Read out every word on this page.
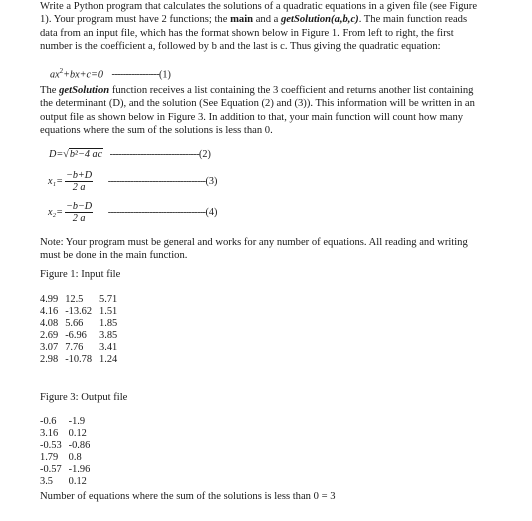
Write a Python program that calculates the solutions of a quadratic equations in a given file (see Figure
1). Your program must have 2 functions; the main and a getSolution(a,b,c). The main function reads
data from an input file, which has the format shown below in Figure 1. From left to right, the first
number is the coefficient a, followed by b and the last is c. Thus giving the quadratic equation:
$ax^2+bx+c=0$ -----------------(1)
The getSolution function receives a list containing the 3 coefficient and returns another list containing
the determinant (D), and the solution (See Equation (2) and (3)). This information will be written in an
output file as shown below in Figure 3. In addition to that, your main function will count how many
equations where the sum of the solutions is less than 0.
D=√b²−4 ac --------------------------------(2)
$x_1= \frac{-b+D}{2 a} -----------------------------------(3)$
$x_2= \frac{-b-D}{2 a} -----------------------------------(4)$
Note: Your program must be general and works for any number of equations. All reading and writing
must be done in the main function.
Figure 1: Input file
4.99	12.5	5.71
4.16	-13.62	1.51
4.08	5.66	1.85
2.69	-6.96	3.85
3.07	7.76	3.41
2.98	-10.78	1.24
Figure 3: Output file
-0.6	-1.9
3.16	0.12
-0.53	-0.86
1.79	0.8
-0.57	-1.96
3.5	0.12
Number of equations where the sum of the solutions is less than 0 = 3
